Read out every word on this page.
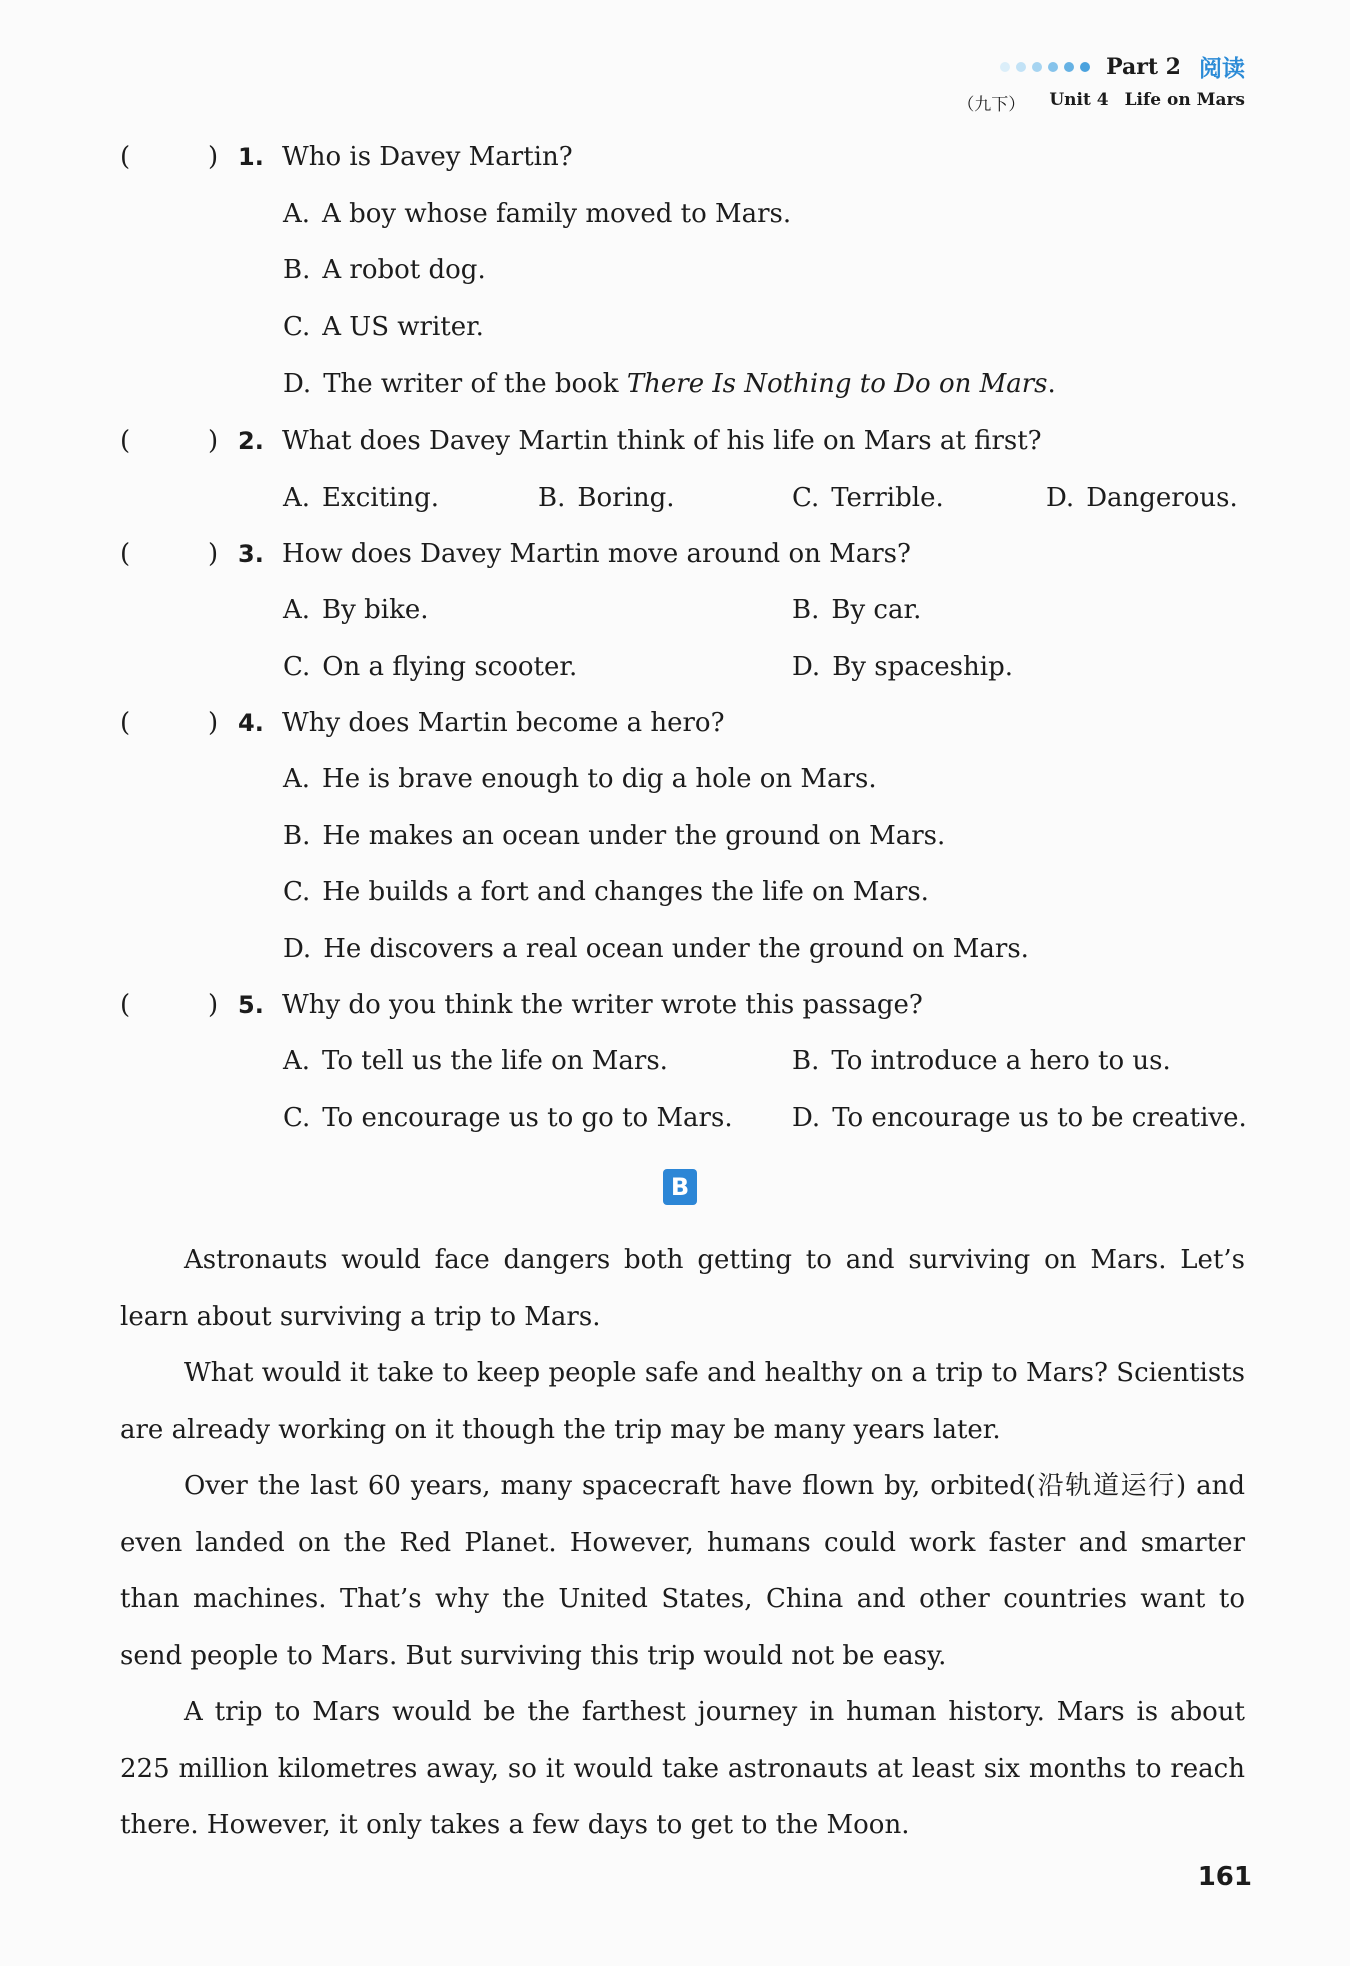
Part 2 阅读
（九下） Unit 4 Life on Mars
(	) 1. Who is Davey Martin?
A. A boy whose family moved to Mars.
B. A robot dog.
C. A US writer.
D. The writer of the book There Is Nothing to Do on Mars.
(	) 2. What does Davey Martin think of his life on Mars at first?
A. Exciting.	B. Boring.	C. Terrible.	D. Dangerous.
(	) 3. How does Davey Martin move around on Mars?
A. By bike.	B. By car.
C. On a flying scooter.	D. By spaceship.
(	) 4. Why does Martin become a hero?
A. He is brave enough to dig a hole on Mars.
B. He makes an ocean under the ground on Mars.
C. He builds a fort and changes the life on Mars.
D. He discovers a real ocean under the ground on Mars.
(	) 5. Why do you think the writer wrote this passage?
A. To tell us the life on Mars.	B. To introduce a hero to us.
C. To encourage us to go to Mars. D. To encourage us to be creative.
B

Astronauts would face dangers both getting to and surviving on Mars. Let’s learn about surviving a trip to Mars.

What would it take to keep people safe and healthy on a trip to Mars? Scientists are already working on it though the trip may be many years later.

Over the last 60 years, many spacecraft have flown by, orbited(沿轨道运行) and even landed on the Red Planet. However, humans could work faster and smarter than machines. That’s why the United States, China and other countries want to send people to Mars. But surviving this trip would not be easy.

A trip to Mars would be the farthest journey in human history. Mars is about 225 million kilometres away, so it would take astronauts at least six months to reach there. However, it only takes a few days to get to the Moon.

161
